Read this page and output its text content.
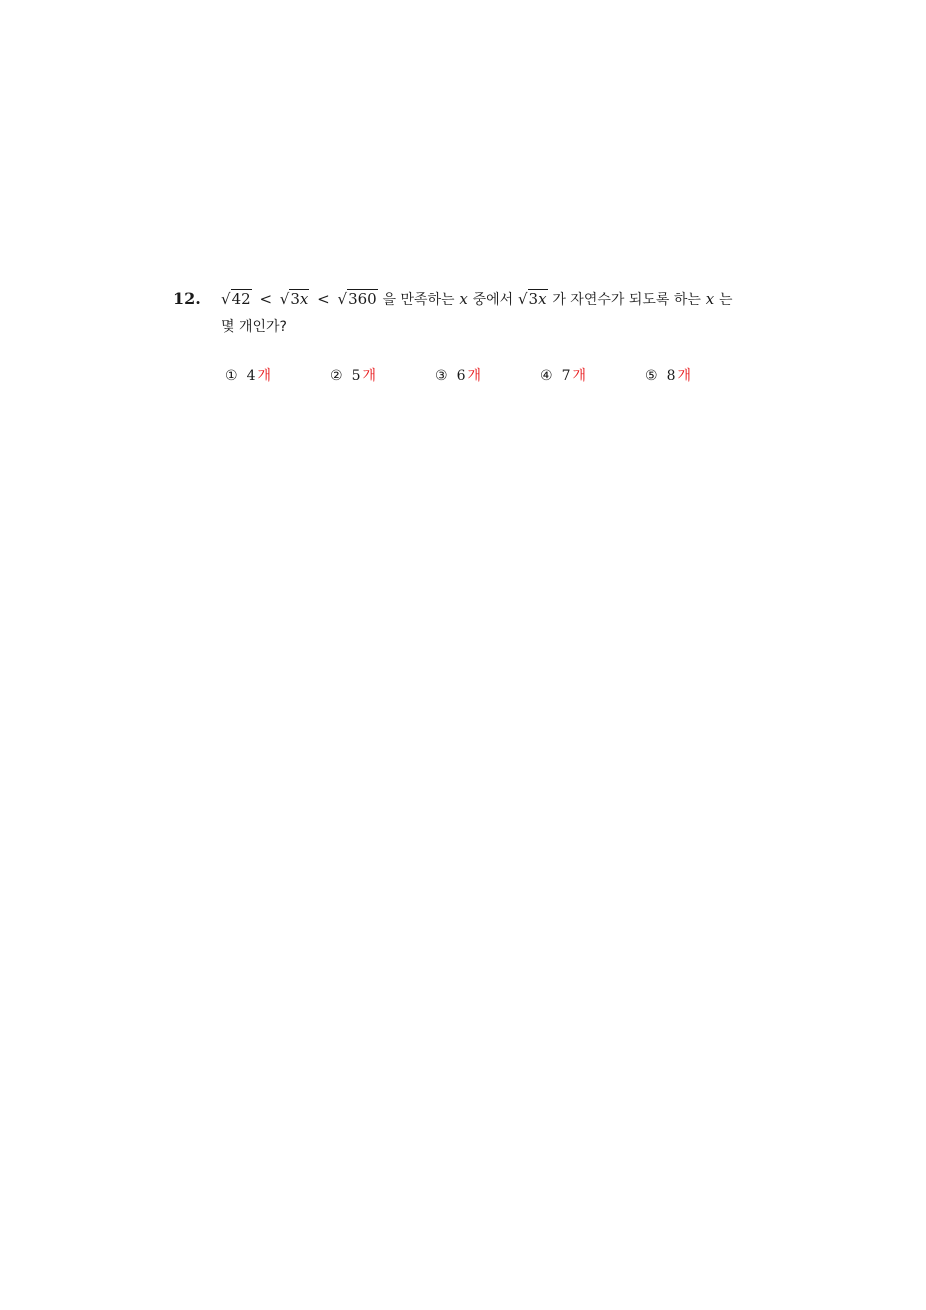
12. √42 < √3x < √360 을 만족하는 x 중에서 √3x 가 자연수가 되도록 하는 x 는
몇 개인가?
① 4 개	② 5 개	③ 6 개	④ 7 개	⑤ 8 개
